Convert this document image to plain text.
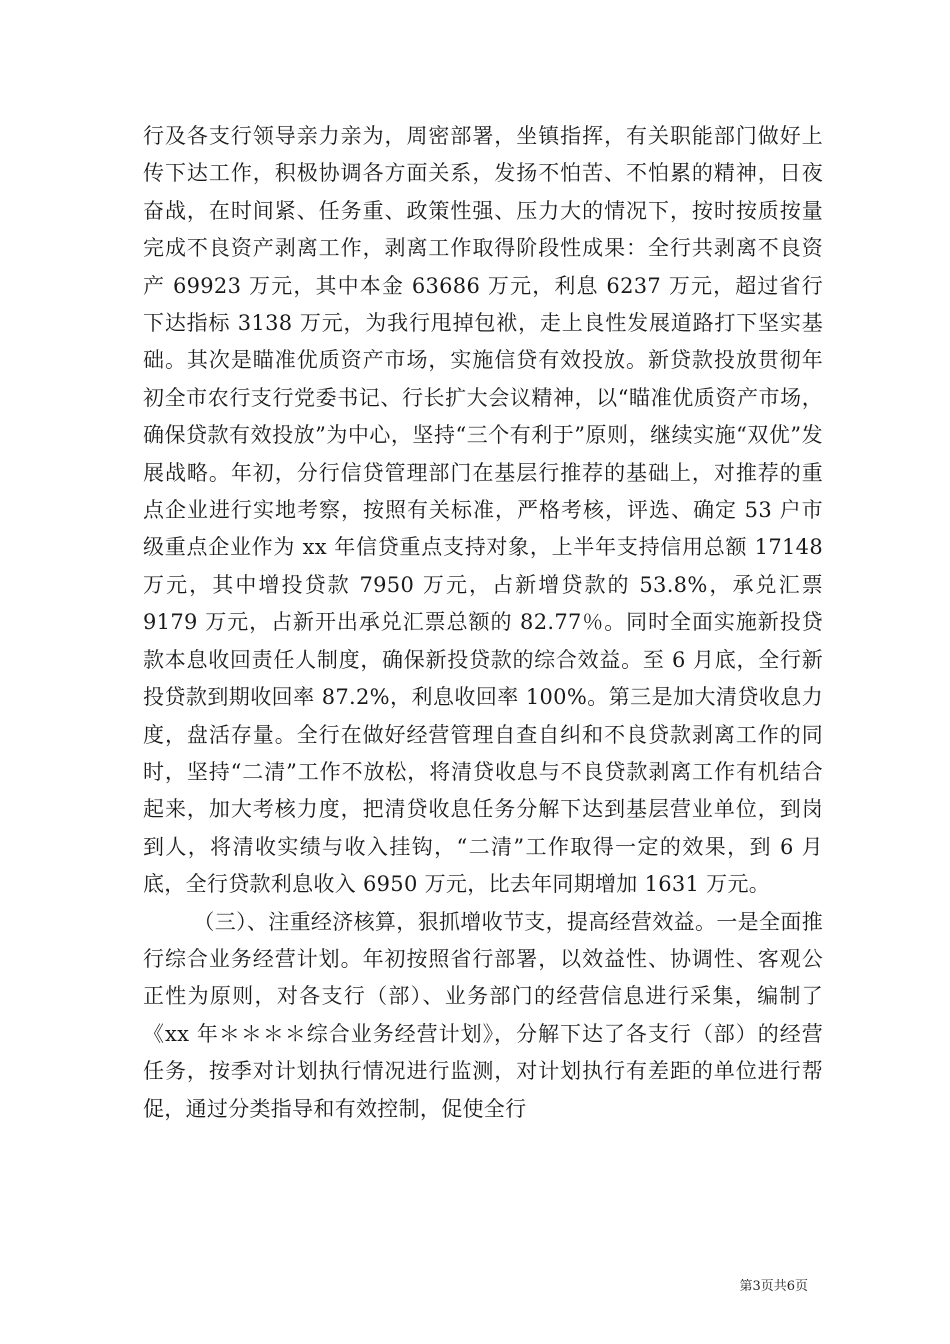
行及各支行领导亲力亲为，周密部署，坐镇指挥，有关职能部门做好上传下达工作，积极协调各方面关系，发扬不怕苦、不怕累的精神，日夜奋战，在时间紧、任务重、政策性强、压力大的情况下，按时按质按量完成不良资产剥离工作，剥离工作取得阶段性成果：全行共剥离不良资产 69923 万元，其中本金 63686 万元，利息 6237 万元，超过省行下达指标 3138 万元，为我行甩掉包袱，走上良性发展道路打下坚实基础。其次是瞄准优质资产市场，实施信贷有效投放。新贷款投放贯彻年初全市农行支行党委书记、行长扩大会议精神，以“瞄准优质资产市场，确保贷款有效投放”为中心，坚持“三个有利于”原则，继续实施“双优”发展战略。年初，分行信贷管理部门在基层行推荐的基础上，对推荐的重点企业进行实地考察，按照有关标准，严格考核，评选、确定 53 户市级重点企业作为 xx 年信贷重点支持对象，上半年支持信用总额 17148 万元，其中增投贷款 7950 万元，占新增贷款的 53.8%，承兑汇票 9179 万元，占新开出承兑汇票总额的 82.77％。同时全面实施新投贷款本息收回责任人制度，确保新投贷款的综合效益。至 6 月底，全行新投贷款到期收回率 87.2%，利息收回率 100%。第三是加大清贷收息力度，盘活存量。全行在做好经营管理自查自纠和不良贷款剥离工作的同时，坚持“二清”工作不放松，将清贷收息与不良贷款剥离工作有机结合起来，加大考核力度，把清贷收息任务分解下达到基层营业单位，到岗到人，将清收实绩与收入挂钩，“二清”工作取得一定的效果，到 6 月底，全行贷款利息收入 6950 万元，比去年同期增加 1631 万元。

（三）、注重经济核算，狠抓增收节支，提高经营效益。一是全面推行综合业务经营计划。年初按照省行部署，以效益性、协调性、客观公正性为原则，对各支行（部）、业务部门的经营信息进行采集，编制了《xx 年＊＊＊＊综合业务经营计划》，分解下达了各支行（部）的经营任务，按季对计划执行情况进行监测，对计划执行有差距的单位进行帮促，通过分类指导和有效控制，促使全行

第3页共6页
